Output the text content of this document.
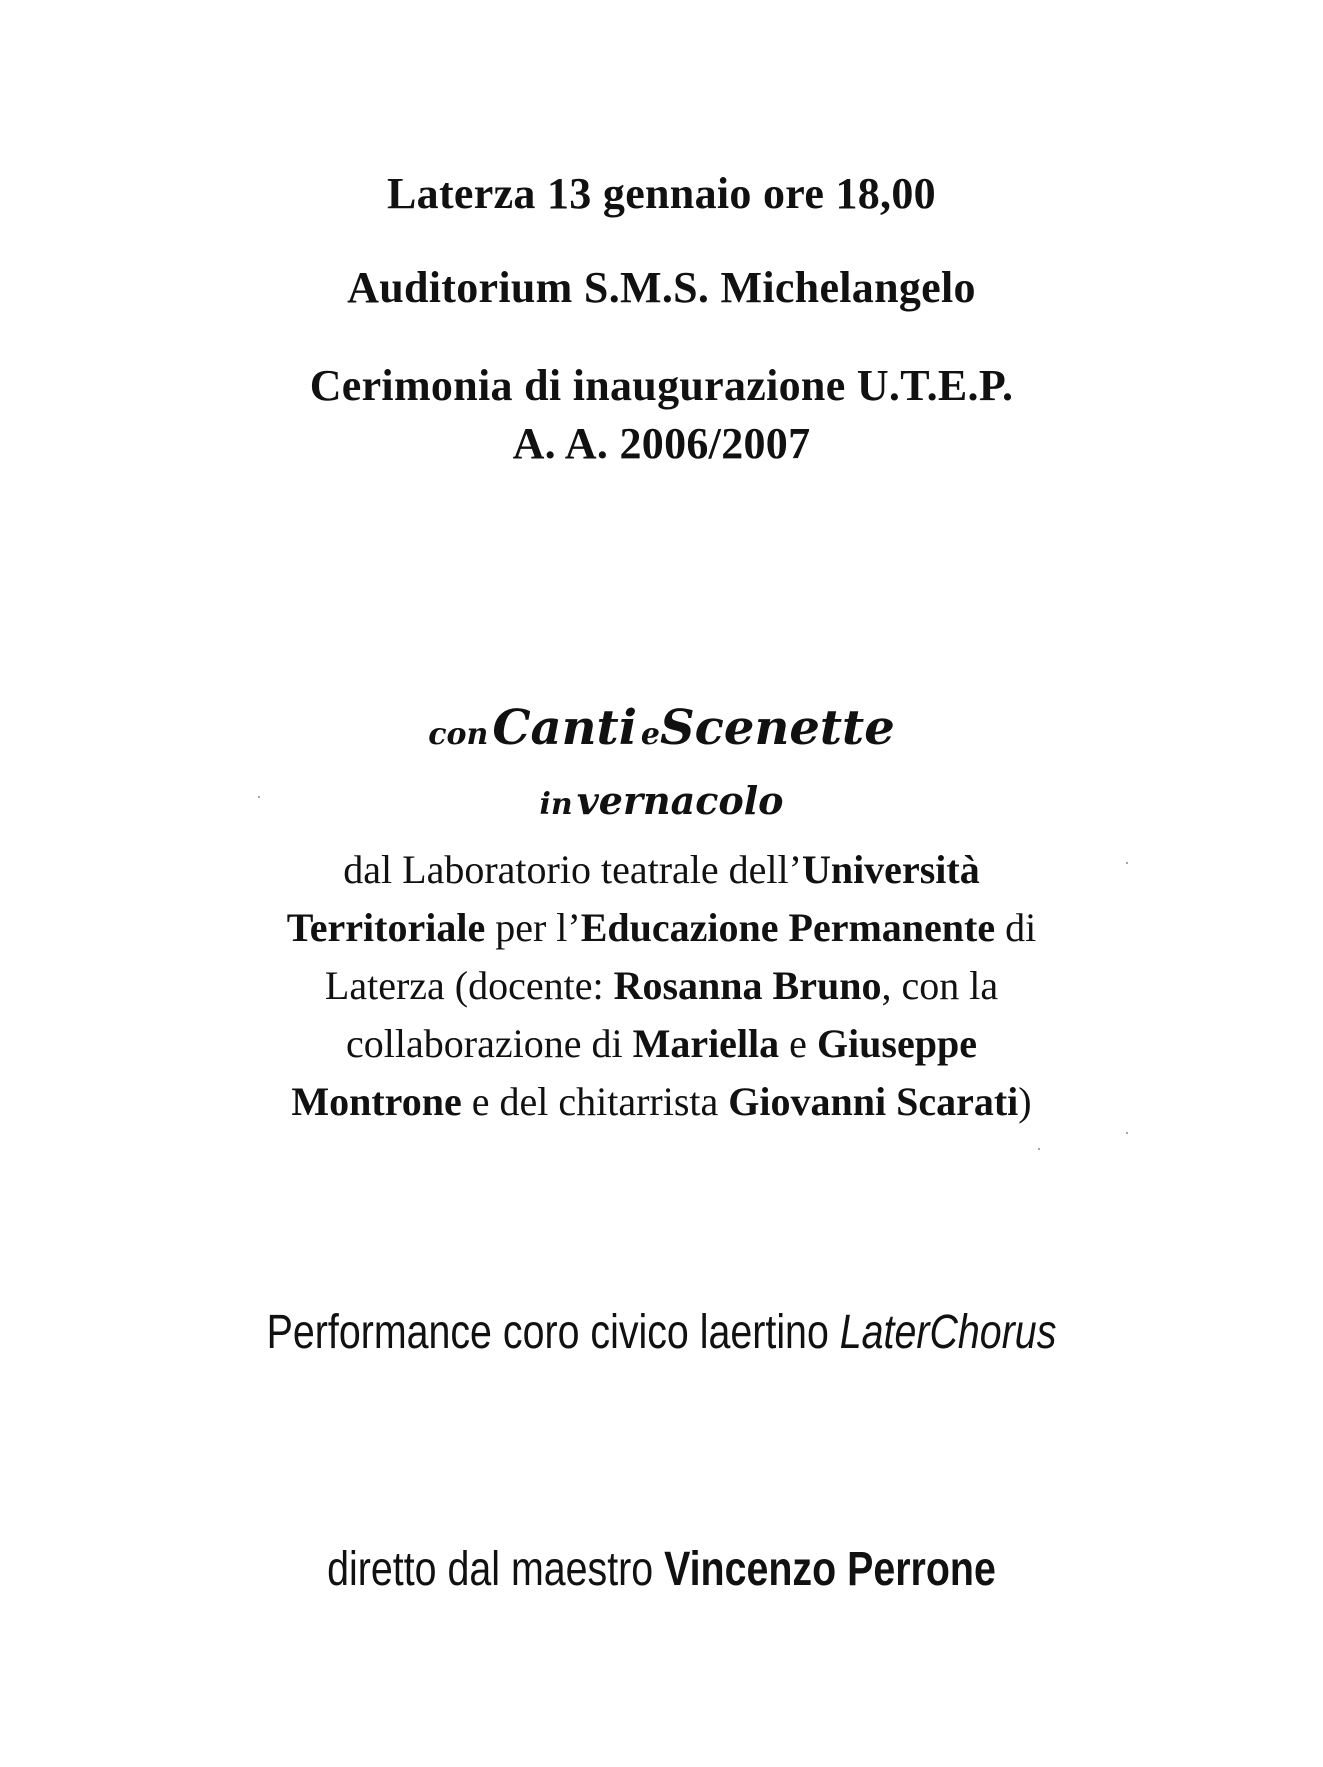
Laterza 13 gennaio ore 18,00
Auditorium S.M.S. Michelangelo
Cerimonia di inaugurazione U.T.E.P.
A. A. 2006/2007
con Canti eScenette
in vernacolo
dal Laboratorio teatrale dell’Università
Territoriale per l’Educazione Permanente di
Laterza (docente: Rosanna Bruno, con la
collaborazione di Mariella e Giuseppe
Montrone e del chitarrista Giovanni Scarati)
Performance coro civico laertino LaterChorus
diretto dal maestro Vincenzo Perrone
